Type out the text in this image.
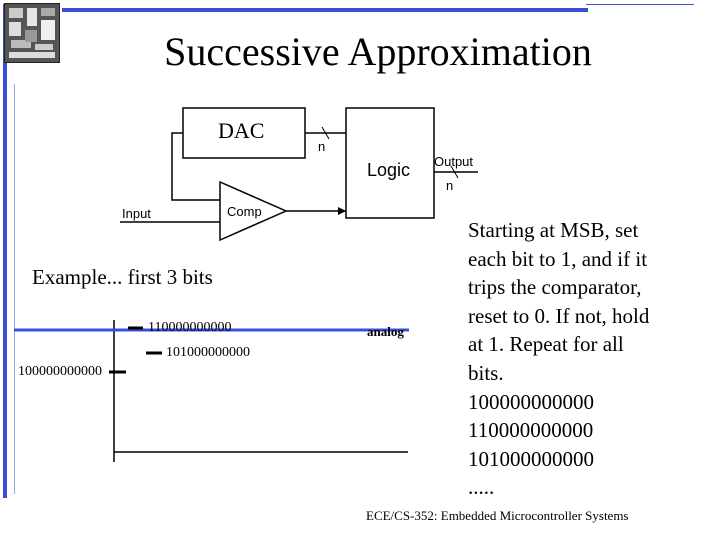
Successive Approximation
DAC
Logic
Comp
Input
Output
n
n
Example... first 3 bits
110000000000
101000000000
100000000000
analog
Starting at MSB, set
each bit to 1, and if it
trips the comparator,
reset to 0. If not, hold
at 1. Repeat for all
bits.
100000000000
110000000000
101000000000
.....
ECE/CS-352: Embedded Microcontroller Systems
